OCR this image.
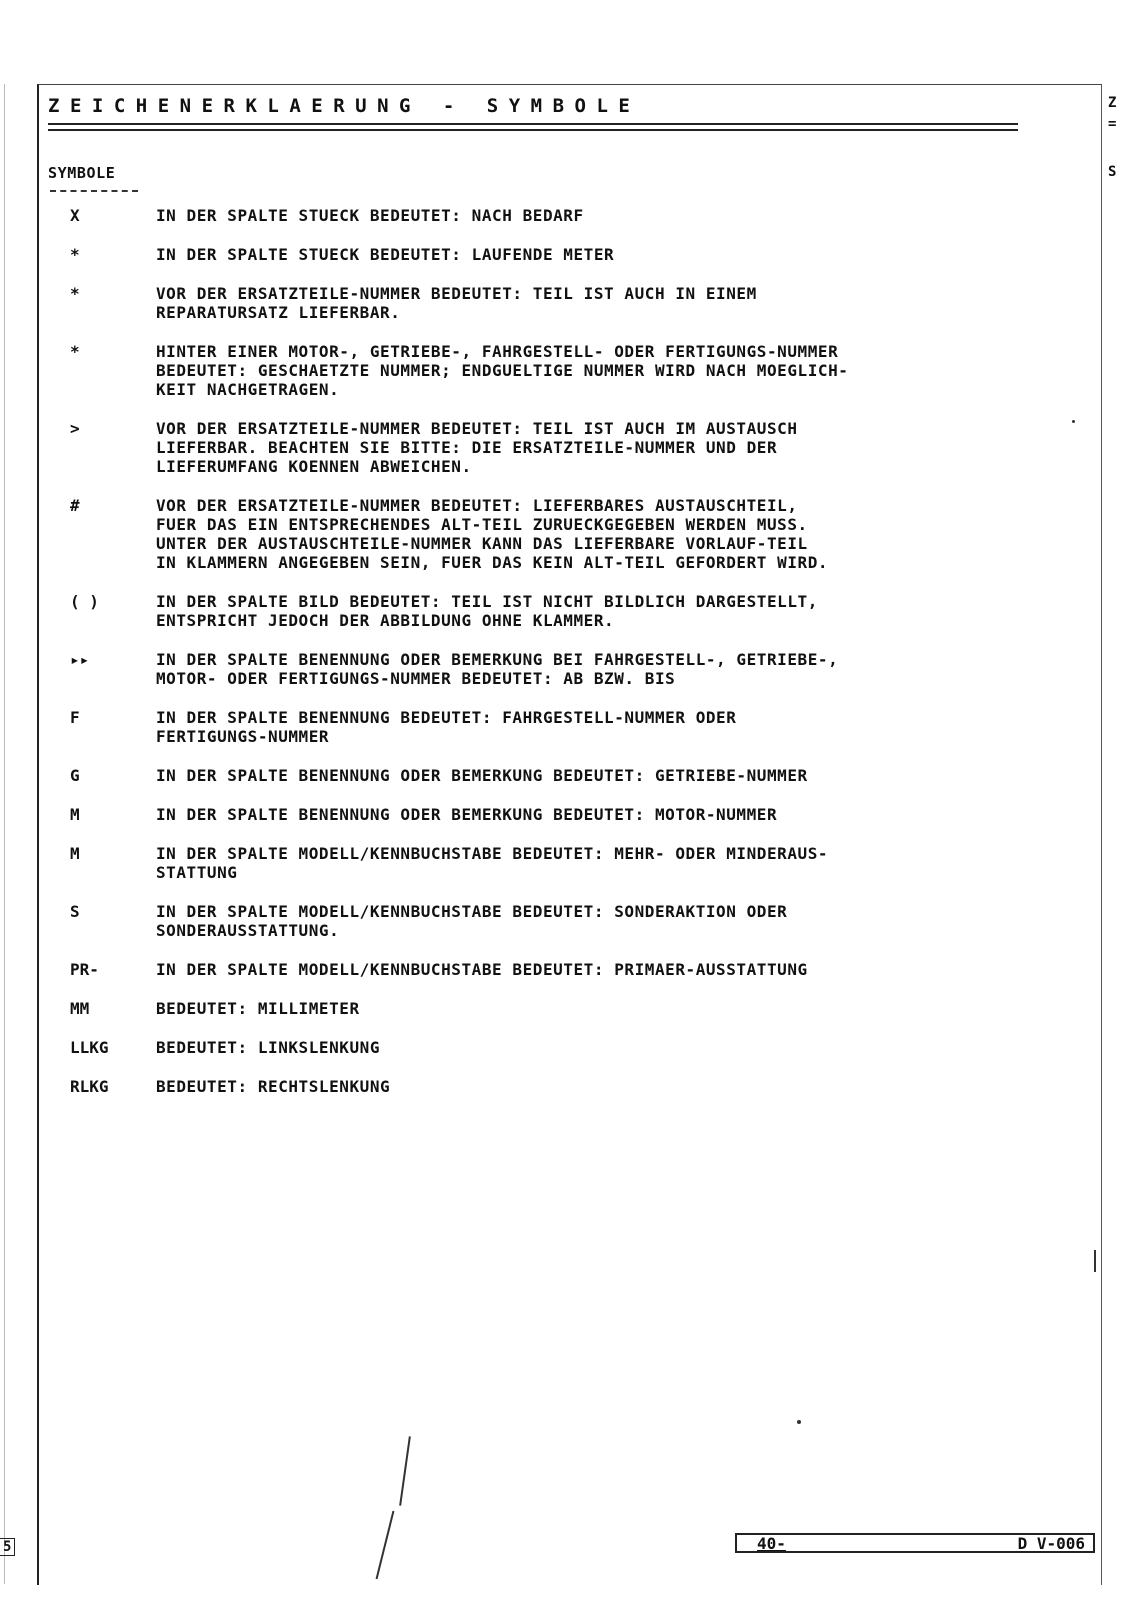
ZEICHENERKLAERUNG - SYMBOLE
SYMBOLE
X	IN DER SPALTE STUECK BEDEUTET: NACH BEDARF
*	IN DER SPALTE STUECK BEDEUTET: LAUFENDE METER
*	VOR DER ERSATZTEILE-NUMMER BEDEUTET: TEIL IST AUCH IN EINEM
REPARATURSATZ LIEFERBAR.
*	HINTER EINER MOTOR-, GETRIEBE-, FAHRGESTELL- ODER FERTIGUNGS-NUMMER
BEDEUTET: GESCHAETZTE NUMMER; ENDGUELTIGE NUMMER WIRD NACH MOEGLICH-
KEIT NACHGETRAGEN.
>	VOR DER ERSATZTEILE-NUMMER BEDEUTET: TEIL IST AUCH IM AUSTAUSCH
LIEFERBAR. BEACHTEN SIE BITTE: DIE ERSATZTEILE-NUMMER UND DER
LIEFERUMFANG KOENNEN ABWEICHEN.
#	VOR DER ERSATZTEILE-NUMMER BEDEUTET: LIEFERBARES AUSTAUSCHTEIL,
FUER DAS EIN ENTSPRECHENDES ALT-TEIL ZURUECKGEGEBEN WERDEN MUSS.
UNTER DER AUSTAUSCHTEILE-NUMMER KANN DAS LIEFERBARE VORLAUF-TEIL
IN KLAMMERN ANGEGEBEN SEIN, FUER DAS KEIN ALT-TEIL GEFORDERT WIRD.
( )	IN DER SPALTE BILD BEDEUTET: TEIL IST NICHT BILDLICH DARGESTELLT,
ENTSPRICHT JEDOCH DER ABBILDUNG OHNE KLAMMER.
▸▸	IN DER SPALTE BENENNUNG ODER BEMERKUNG BEI FAHRGESTELL-, GETRIEBE-,
MOTOR- ODER FERTIGUNGS-NUMMER BEDEUTET: AB BZW. BIS
F	IN DER SPALTE BENENNUNG BEDEUTET: FAHRGESTELL-NUMMER ODER
FERTIGUNGS-NUMMER
G	IN DER SPALTE BENENNUNG ODER BEMERKUNG BEDEUTET: GETRIEBE-NUMMER
M	IN DER SPALTE BENENNUNG ODER BEMERKUNG BEDEUTET: MOTOR-NUMMER
M	IN DER SPALTE MODELL/KENNBUCHSTABE BEDEUTET: MEHR- ODER MINDERAUS-
STATTUNG
S	IN DER SPALTE MODELL/KENNBUCHSTABE BEDEUTET: SONDERAKTION ODER
SONDERAUSSTATTUNG.
PR-	IN DER SPALTE MODELL/KENNBUCHSTABE BEDEUTET: PRIMAER-AUSSTATTUNG
MM	BEDEUTET: MILLIMETER
LLKG	BEDEUTET: LINKSLENKUNG
RLKG	BEDEUTET: RECHTSLENKUNG
40-	D V-006
5
Z
=
S
